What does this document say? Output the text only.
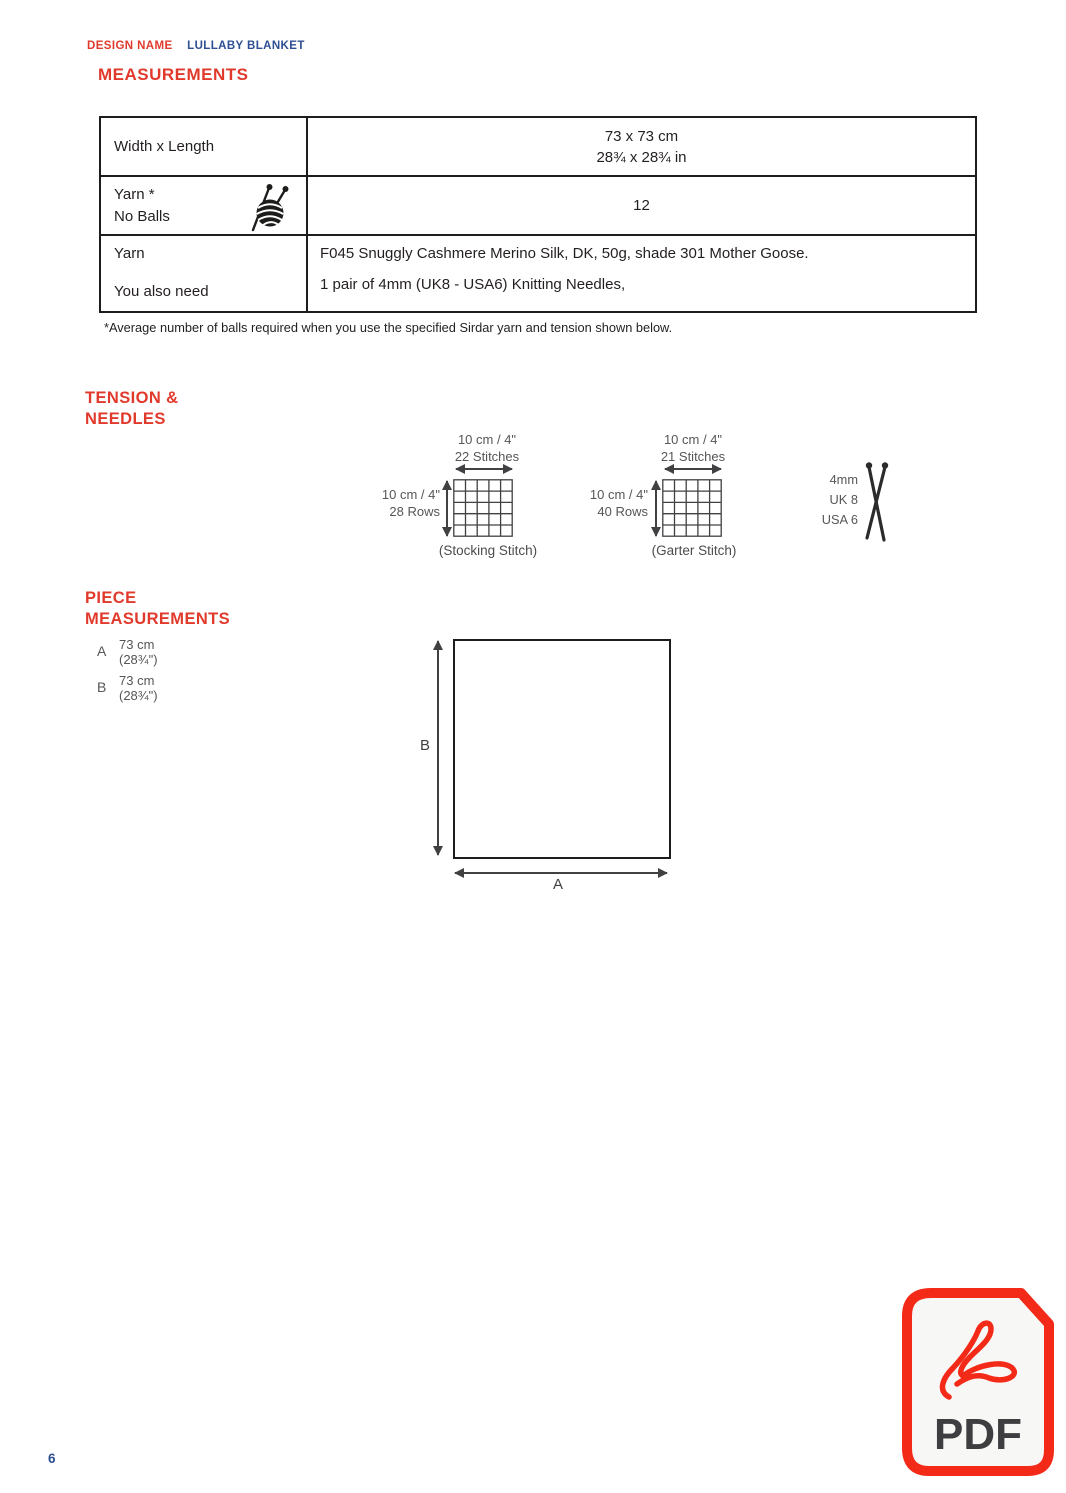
DESIGN NAME LULLABY BLANKET
MEASUREMENTS
Width x Length
73 x 73 cm
28¾ x 28¾ in
Yarn *
No Balls
12
Yarn
You also need
F045 Snuggly Cashmere Merino Silk, DK, 50g, shade 301 Mother Goose.
1 pair of 4mm (UK8 - USA6) Knitting Needles,
*Average number of balls required when you use the specified Sirdar yarn and tension shown below.
TENSION &
NEEDLES
10 cm / 4"
22 Stitches
10 cm / 4"
28 Rows
(Stocking Stitch)
10 cm / 4"
21 Stitches
10 cm / 4"
40 Rows
(Garter Stitch)
4mm
UK 8
USA 6
PIECE
MEASUREMENTS
A 73 cm
(28¾")
B 73 cm
(28¾")
B
A
6	PDF
